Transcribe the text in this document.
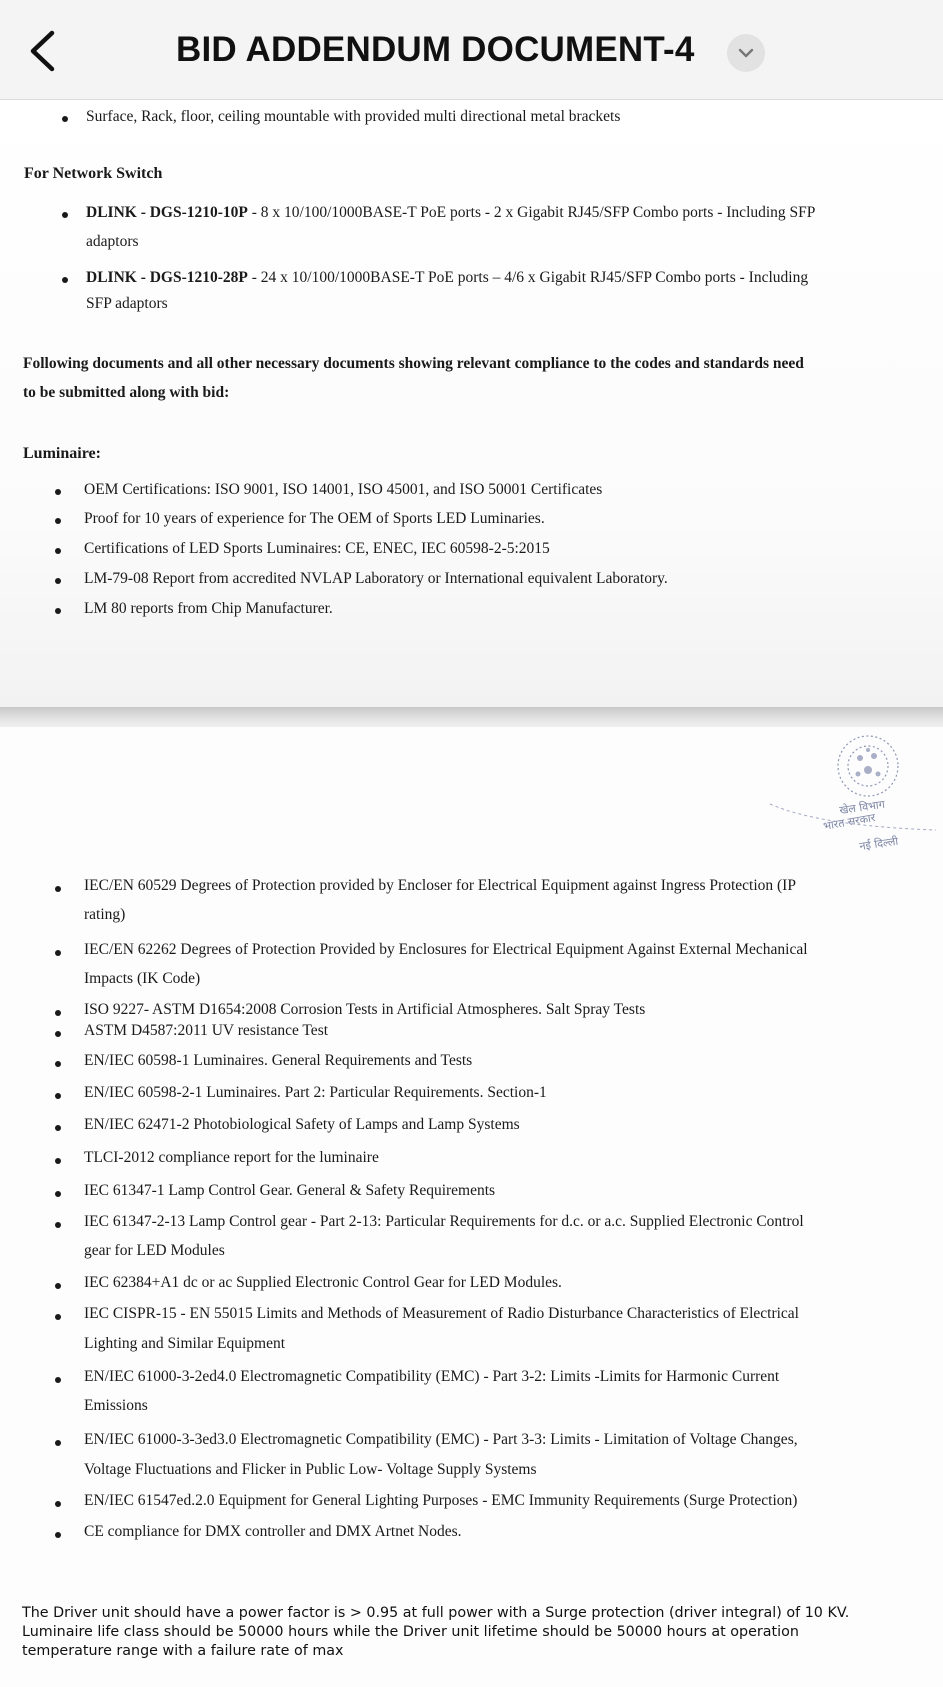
BID ADDENDUM DOCUMENT-4
Surface, Rack, floor, ceiling mountable with provided multi directional metal brackets
For Network Switch
DLINK - DGS-1210-10P - 8 x 10/100/1000BASE-T PoE ports - 2 x Gigabit RJ45/SFP Combo ports - Including SFP
adaptors
DLINK - DGS-1210-28P - 24 x 10/100/1000BASE-T PoE ports – 4/6 x Gigabit RJ45/SFP Combo ports - Including
SFP adaptors
Following documents and all other necessary documents showing relevant compliance to the codes and standards need
to be submitted along with bid:
Luminaire:
OEM Certifications: ISO 9001, ISO 14001, ISO 45001, and ISO 50001 Certificates
Proof for 10 years of experience for The OEM of Sports LED Luminaries.
Certifications of LED Sports Luminaires: CE, ENEC, IEC 60598-2-5:2015
LM-79-08 Report from accredited NVLAP Laboratory or International equivalent Laboratory.
LM 80 reports from Chip Manufacturer.
खेल विभाग
भारत सरकार
नई दिल्ली
IEC/EN 60529 Degrees of Protection provided by Encloser for Electrical Equipment against Ingress Protection (IP
rating)
IEC/EN 62262 Degrees of Protection Provided by Enclosures for Electrical Equipment Against External Mechanical
Impacts (IK Code)
ISO 9227- ASTM D1654:2008 Corrosion Tests in Artificial Atmospheres. Salt Spray Tests
ASTM D4587:2011 UV resistance Test
EN/IEC 60598-1 Luminaires. General Requirements and Tests
EN/IEC 60598-2-1 Luminaires. Part 2: Particular Requirements. Section-1
EN/IEC 62471-2 Photobiological Safety of Lamps and Lamp Systems
TLCI-2012 compliance report for the luminaire
IEC 61347-1 Lamp Control Gear. General & Safety Requirements
IEC 61347-2-13 Lamp Control gear - Part 2-13: Particular Requirements for d.c. or a.c. Supplied Electronic Control
gear for LED Modules
IEC 62384+A1 dc or ac Supplied Electronic Control Gear for LED Modules.
IEC CISPR-15 - EN 55015 Limits and Methods of Measurement of Radio Disturbance Characteristics of Electrical
Lighting and Similar Equipment
EN/IEC 61000-3-2ed4.0 Electromagnetic Compatibility (EMC) - Part 3-2: Limits -Limits for Harmonic Current
Emissions
EN/IEC 61000-3-3ed3.0 Electromagnetic Compatibility (EMC) - Part 3-3: Limits - Limitation of Voltage Changes,
Voltage Fluctuations and Flicker in Public Low- Voltage Supply Systems
EN/IEC 61547ed.2.0 Equipment for General Lighting Purposes - EMC Immunity Requirements (Surge Protection)
CE compliance for DMX controller and DMX Artnet Nodes.
The Driver unit should have a power factor is > 0.95 at full power with a Surge protection (driver integral) of 10 KV.
Luminaire life class should be 50000 hours while the Driver unit lifetime should be 50000 hours at operation
temperature range with a failure rate of max
